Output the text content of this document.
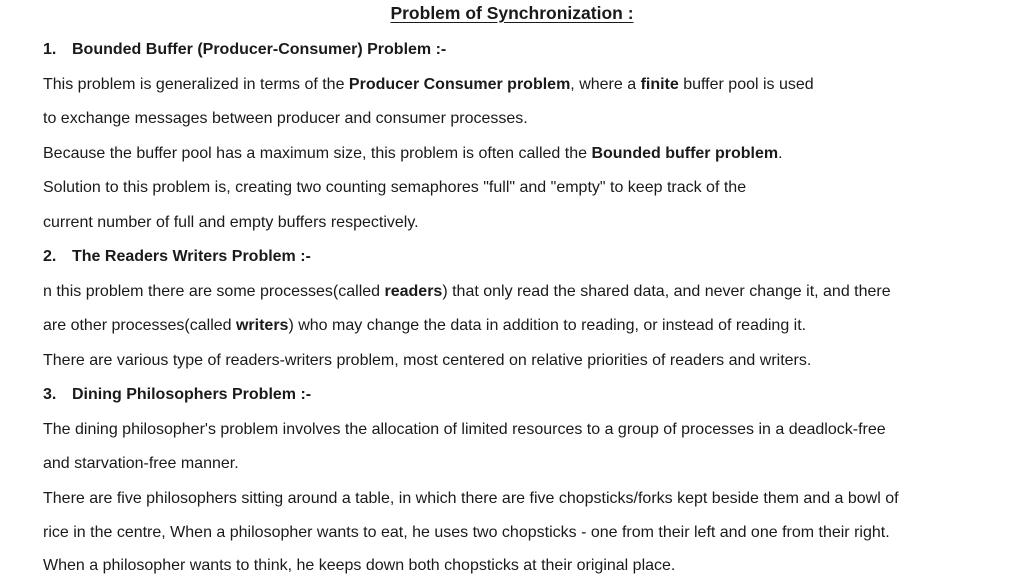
Problem of Synchronization :
1. Bounded Buffer (Producer-Consumer) Problem :-
This problem is generalized in terms of the Producer Consumer problem, where a finite buffer pool is used
to exchange messages between producer and consumer processes.
Because the buffer pool has a maximum size, this problem is often called the Bounded buffer problem.
Solution to this problem is, creating two counting semaphores "full" and "empty" to keep track of the
current number of full and empty buffers respectively.
2. The Readers Writers Problem :-
n this problem there are some processes(called readers) that only read the shared data, and never change it, and there
are other processes(called writers) who may change the data in addition to reading, or instead of reading it.
There are various type of readers-writers problem, most centered on relative priorities of readers and writers.
3. Dining Philosophers Problem :-
The dining philosopher's problem involves the allocation of limited resources to a group of processes in a deadlock-free
and starvation-free manner.
There are five philosophers sitting around a table, in which there are five chopsticks/forks kept beside them and a bowl of
rice in the centre, When a philosopher wants to eat, he uses two chopsticks - one from their left and one from their right.
When a philosopher wants to think, he keeps down both chopsticks at their original place.
